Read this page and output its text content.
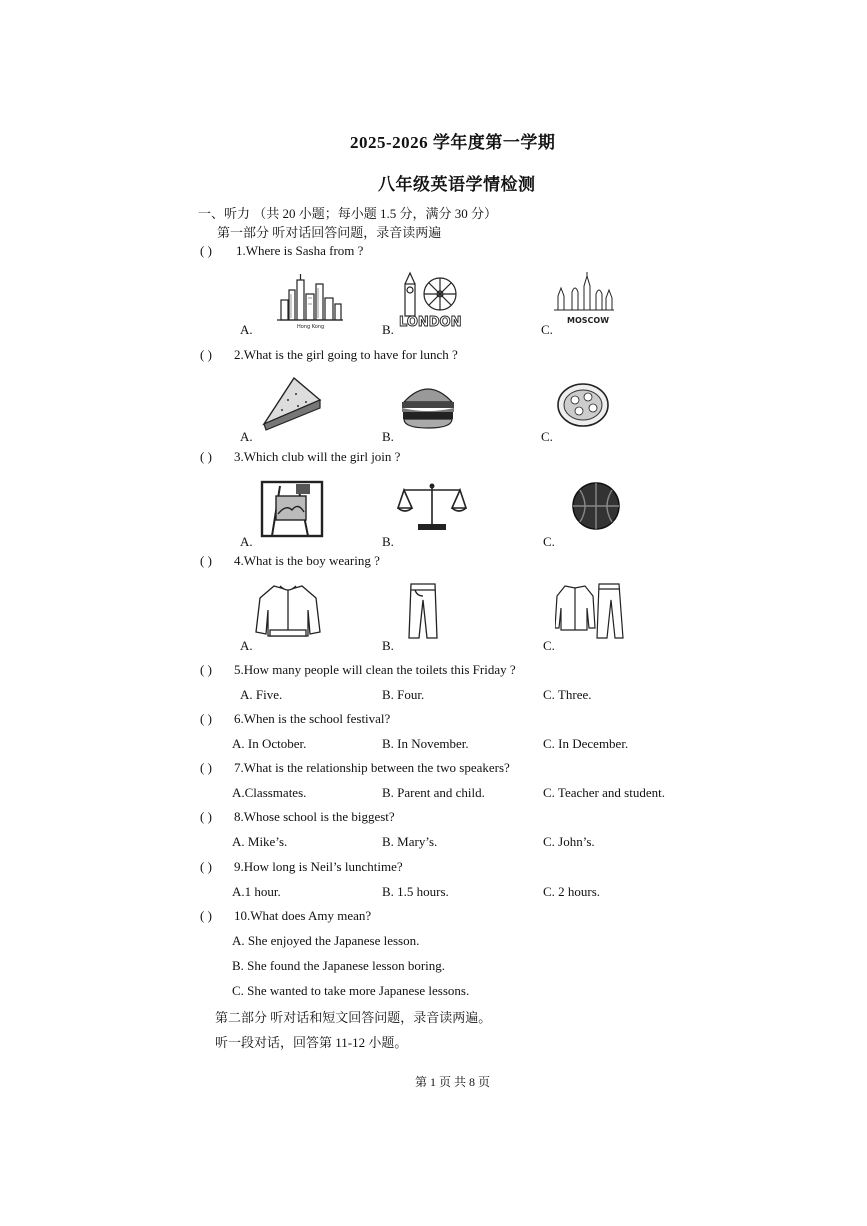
2025-2026 学年度第一学期
八年级英语学情检测
一、听力 （共 20 小题；每小题 1.5 分，满分 30 分）
第一部分 听对话回答问题，录音读两遍
( ) 1.Where is Sasha from ?
Hong Kong	LONDON	MOSCOW
A.	B.	C.
( ) 2.What is the girl going to have for lunch ?
A.	B.	C.
( ) 3.Which club will the girl join ?
A.	B.	C.
( ) 4.What is the boy wearing ?
A.	B.	C.
( ) 5.How many people will clean the toilets this Friday ?
A. Five.	B. Four.	C. Three.
( ) 6.When is the school festival?
A. In October.	B. In November.	C. In December.
( ) 7.What is the relationship between the two speakers?
A.Classmates.	B. Parent and child.	C. Teacher and student.
( ) 8.Whose school is the biggest?
A. Mike’s.	B. Mary’s.	C. John’s.
( ) 9.How long is Neil’s lunchtime?
A.1 hour.	B. 1.5 hours.	C. 2 hours.
( ) 10.What does Amy mean?
A. She enjoyed the Japanese lesson.
B. She found the Japanese lesson boring.
C. She wanted to take more Japanese lessons.
第二部分 听对话和短文回答问题，录音读两遍。
听一段对话，回答第 11-12 小题。
第 1 页 共 8 页
